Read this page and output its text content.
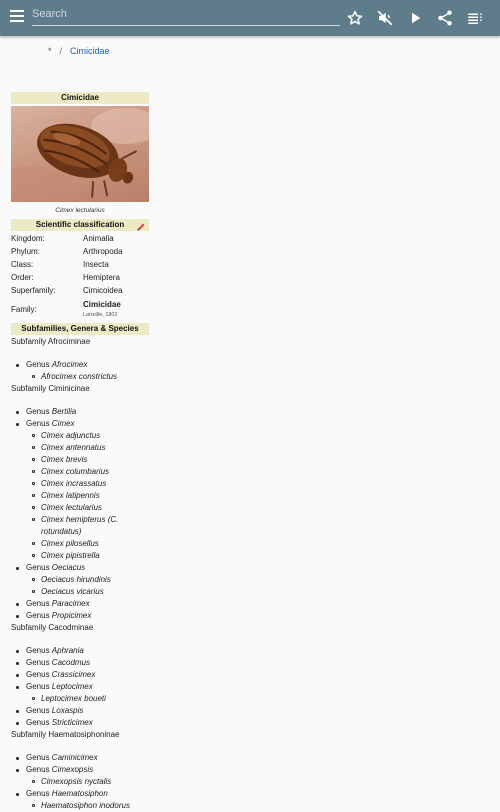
Search
* / Cimicidae
Cimicidae
Cimex lectularius
Scientific classification
Kingdom:	Animalia
Phylum:	Arthropoda
Class:	Insecta
Order:	Hemiptera
Superfamily:	Cimicoidea
Family:	Cimicidae
Latreille, 1802
Subfamilies, Genera & Species
Subfamily Afrociminae
Genus Afrocimex
Afrocimex constrictus
Subfamily Ciminicinae
Genus Bertilia
Genus Cimex
Cimex adjunctus
Cimex antennatus
Cimex brevis
Cimex columbarius
Cimex incrassatus
Cimex latipennis
Cimex lectularius
Cimex hemipterus (C. rotundatus)
Cimex pilosellus
Cimex pipistrella
Genus Oeciacus
Oeciacus hirundinis
Oeciacus vicarius
Genus Paracimex
Genus Propicimex
Subfamily Cacodminae
Genus Aphrania
Genus Cacodmus
Genus Crassicimex
Genus Leptocimex
Leptocimex boueti
Genus Loxaspis
Genus Stricticimex
Subfamily Haematosiphoninae
Genus Caminicimex
Genus Cimexopsis
Cimexopsis nyctalis
Genus Haematosiphon
Haematosiphon inodorus
